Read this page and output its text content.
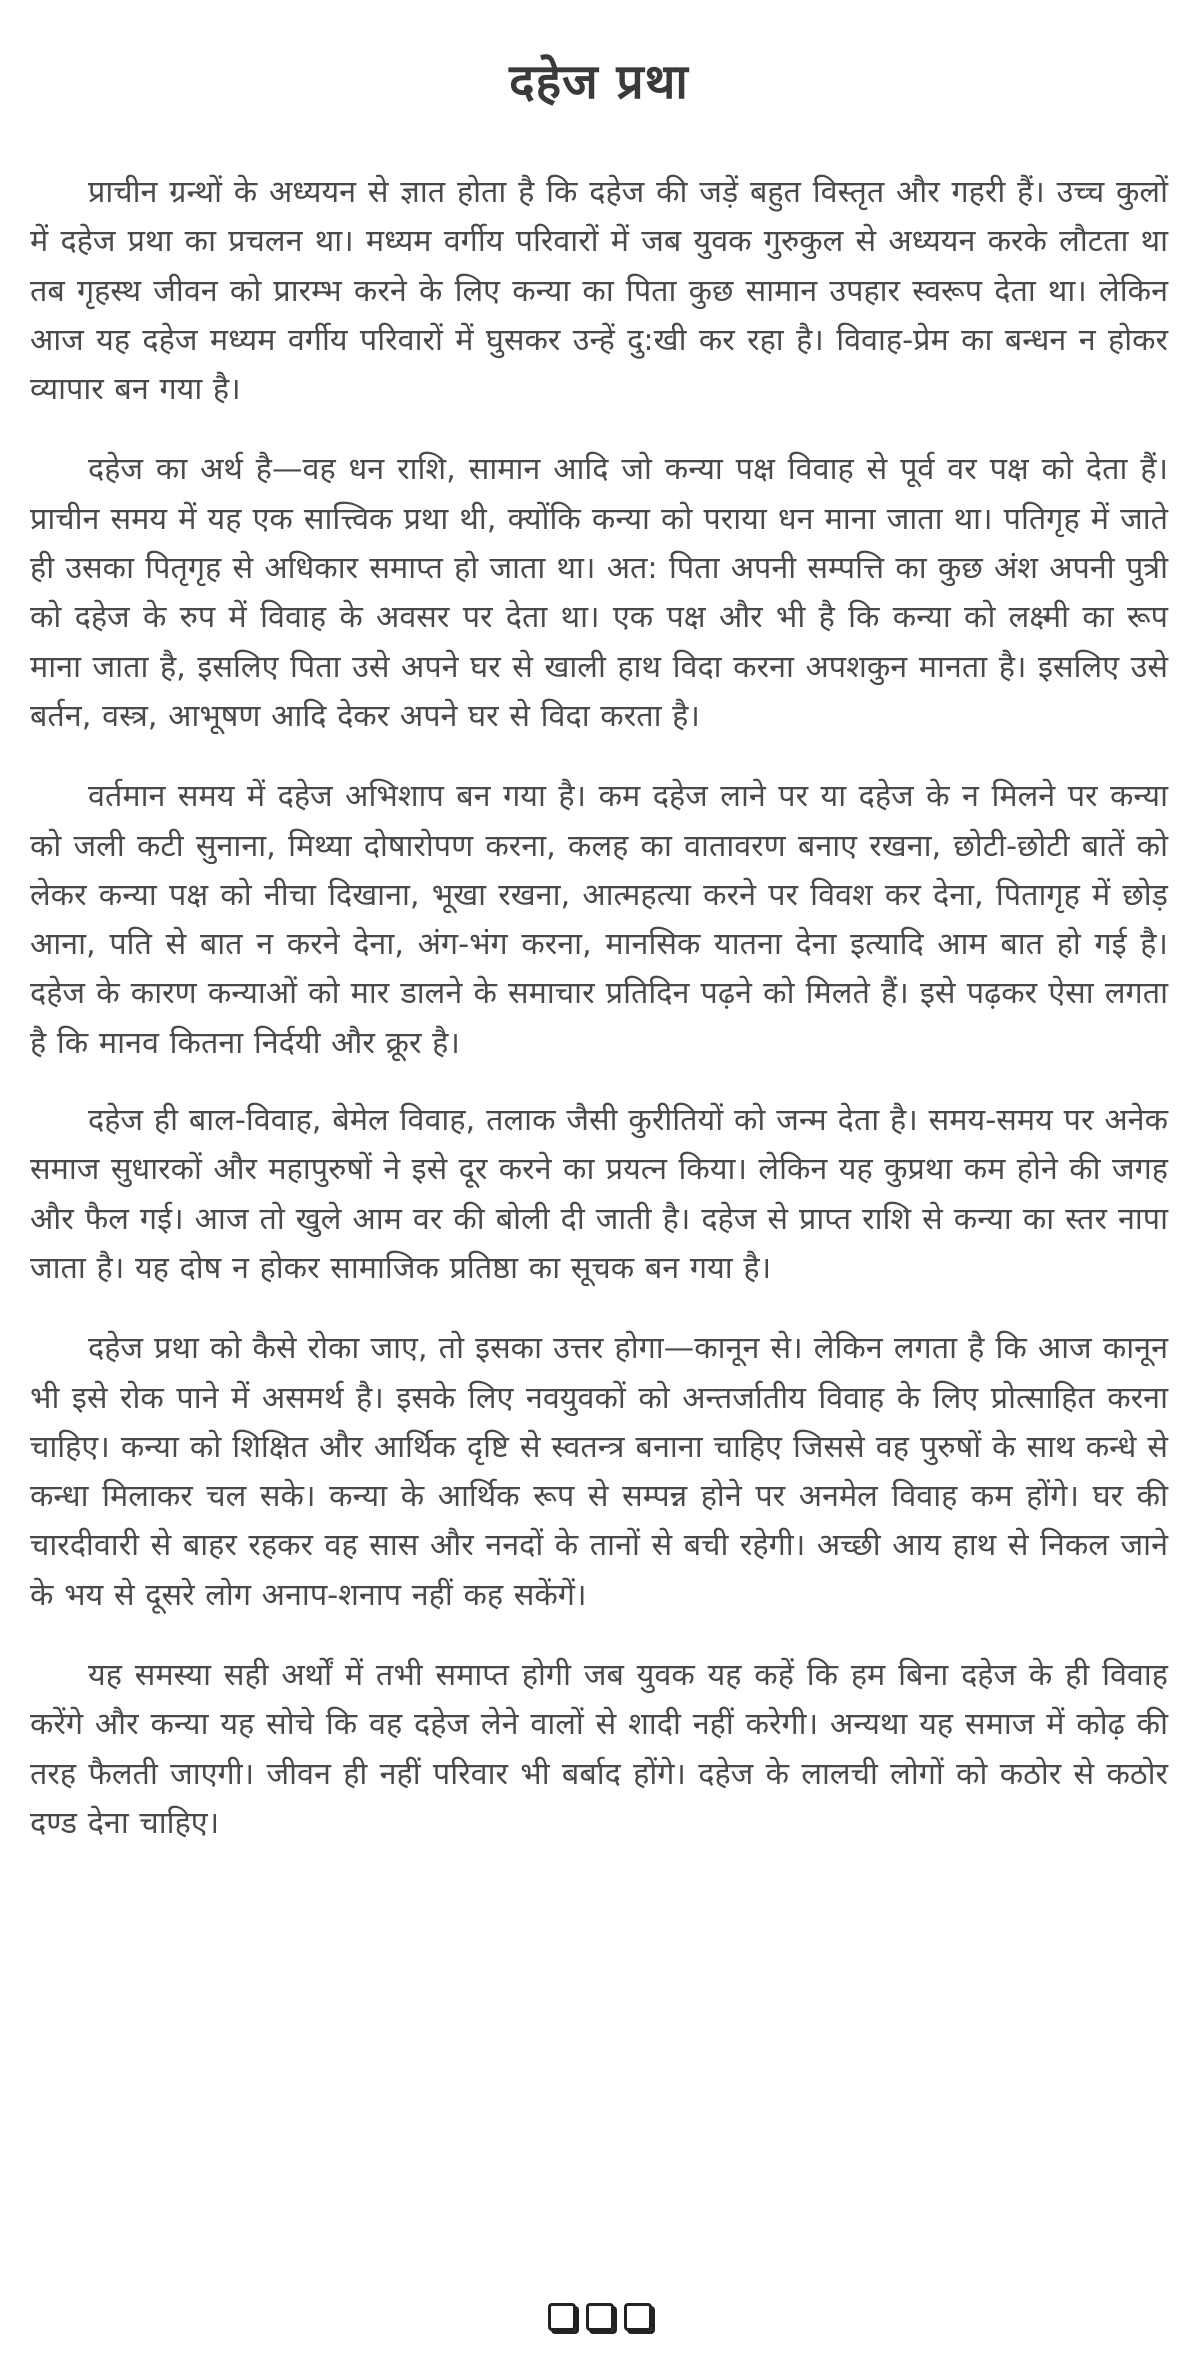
दहेज प्रथा

प्राचीन ग्रन्थों के अध्ययन से ज्ञात होता है कि दहेज की जड़ें बहुत विस्तृत और गहरी हैं। उच्च कुलों में दहेज प्रथा का प्रचलन था। मध्यम वर्गीय परिवारों में जब युवक गुरुकुल से अध्ययन करके लौटता था तब गृहस्थ जीवन को प्रारम्भ करने के लिए कन्या का पिता कुछ सामान उपहार स्वरूप देता था। लेकिन आज यह दहेज मध्यम वर्गीय परिवारों में घुसकर उन्हें दु:खी कर रहा है। विवाह-प्रेम का बन्धन न होकर व्यापार बन गया है।

दहेज का अर्थ है—वह धन राशि, सामान आदि जो कन्या पक्ष विवाह से पूर्व वर पक्ष को देता हैं। प्राचीन समय में यह एक सात्त्विक प्रथा थी, क्योंकि कन्या को पराया धन माना जाता था। पतिगृह में जाते ही उसका पितृगृह से अधिकार समाप्त हो जाता था। अत: पिता अपनी सम्पत्ति का कुछ अंश अपनी पुत्री को दहेज के रुप में विवाह के अवसर पर देता था। एक पक्ष और भी है कि कन्या को लक्ष्मी का रूप माना जाता है, इसलिए पिता उसे अपने घर से खाली हाथ विदा करना अपशकुन मानता है। इसलिए उसे बर्तन, वस्त्र, आभूषण आदि देकर अपने घर से विदा करता है।

वर्तमान समय में दहेज अभिशाप बन गया है। कम दहेज लाने पर या दहेज के न मिलने पर कन्या को जली कटी सुनाना, मिथ्या दोषारोपण करना, कलह का वातावरण बनाए रखना, छोटी-छोटी बातें को लेकर कन्या पक्ष को नीचा दिखाना, भूखा रखना, आत्महत्या करने पर विवश कर देना, पितागृह में छोड़ आना, पति से बात न करने देना, अंग-भंग करना, मानसिक यातना देना इत्यादि आम बात हो गई है। दहेज के कारण कन्याओं को मार डालने के समाचार प्रतिदिन पढ़ने को मिलते हैं। इसे पढ़कर ऐसा लगता है कि मानव कितना निर्दयी और क्रूर है।

दहेज ही बाल-विवाह, बेमेल विवाह, तलाक जैसी कुरीतियों को जन्म देता है। समय-समय पर अनेक समाज सुधारकों और महापुरुषों ने इसे दूर करने का प्रयत्न किया। लेकिन यह कुप्रथा कम होने की जगह और फैल गई। आज तो खुले आम वर की बोली दी जाती है। दहेज से प्राप्त राशि से कन्या का स्तर नापा जाता है। यह दोष न होकर सामाजिक प्रतिष्ठा का सूचक बन गया है।

दहेज प्रथा को कैसे रोका जाए, तो इसका उत्तर होगा—कानून से। लेकिन लगता है कि आज कानून भी इसे रोक पाने में असमर्थ है। इसके लिए नवयुवकों को अन्तर्जातीय विवाह के लिए प्रोत्साहित करना चाहिए। कन्या को शिक्षित और आर्थिक दृष्टि से स्वतन्त्र बनाना चाहिए जिससे वह पुरुषों के साथ कन्धे से कन्धा मिलाकर चल सके। कन्या के आर्थिक रूप से सम्पन्न होने पर अनमेल विवाह कम होंगे। घर की चारदीवारी से बाहर रहकर वह सास और ननदों के तानों से बची रहेगी। अच्छी आय हाथ से निकल जाने के भय से दूसरे लोग अनाप-शनाप नहीं कह सकेंगें।

यह समस्या सही अर्थों में तभी समाप्त होगी जब युवक यह कहें कि हम बिना दहेज के ही विवाह करेंगे और कन्या यह सोचे कि वह दहेज लेने वालों से शादी नहीं करेगी। अन्यथा यह समाज में कोढ़ की तरह फैलती जाएगी। जीवन ही नहीं परिवार भी बर्बाद होंगे। दहेज के लालची लोगों को कठोर से कठोर दण्ड देना चाहिए।
